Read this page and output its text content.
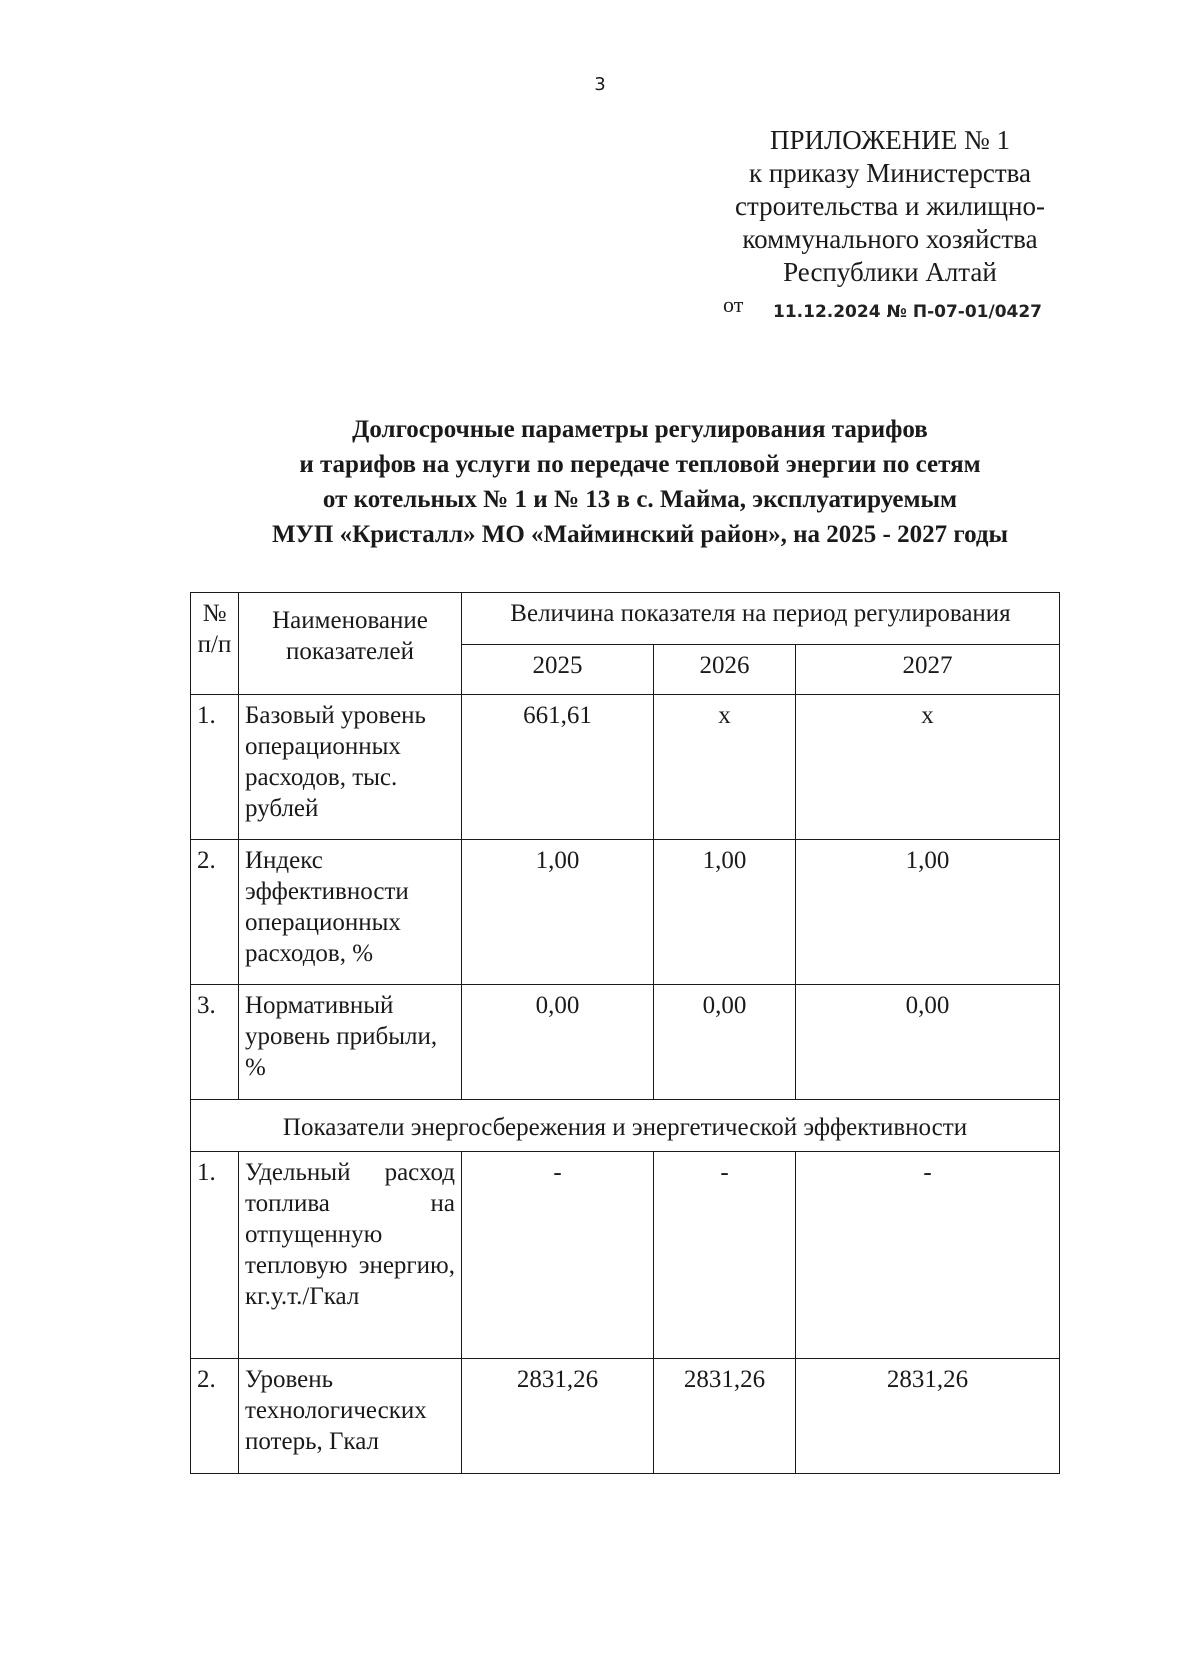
3
ПРИЛОЖЕНИЕ № 1
к приказу Министерства
строительства и жилищно-
коммунального хозяйства
Республики Алтай
от 11.12.2024 № П-07-01/0427
Долгосрочные параметры регулирования тарифов
и тарифов на услуги по передаче тепловой энергии по сетям
от котельных № 1 и № 13 в с. Майма, эксплуатируемым
МУП «Кристалл» МО «Майминский район», на 2025 - 2027 годы
№ п/п	Наименование показателей	Величина показателя на период регулирования		
		2025	2026	2027
1.	Базовый уровень операционных расходов, тыс. рублей	661,61	х	х
2.	Индекс эффективности операционных расходов, %	1,00	1,00	1,00
3.	Нормативный уровень прибыли, %	0,00	0,00	0,00
Показатели энергосбережения и энергетической эффективности				
1.	Удельный расход топлива на отпущенную тепловую энергию, кг.у.т./Гкал	-	-	-
2.	Уровень технологических потерь, Гкал	2831,26	2831,26	2831,26
